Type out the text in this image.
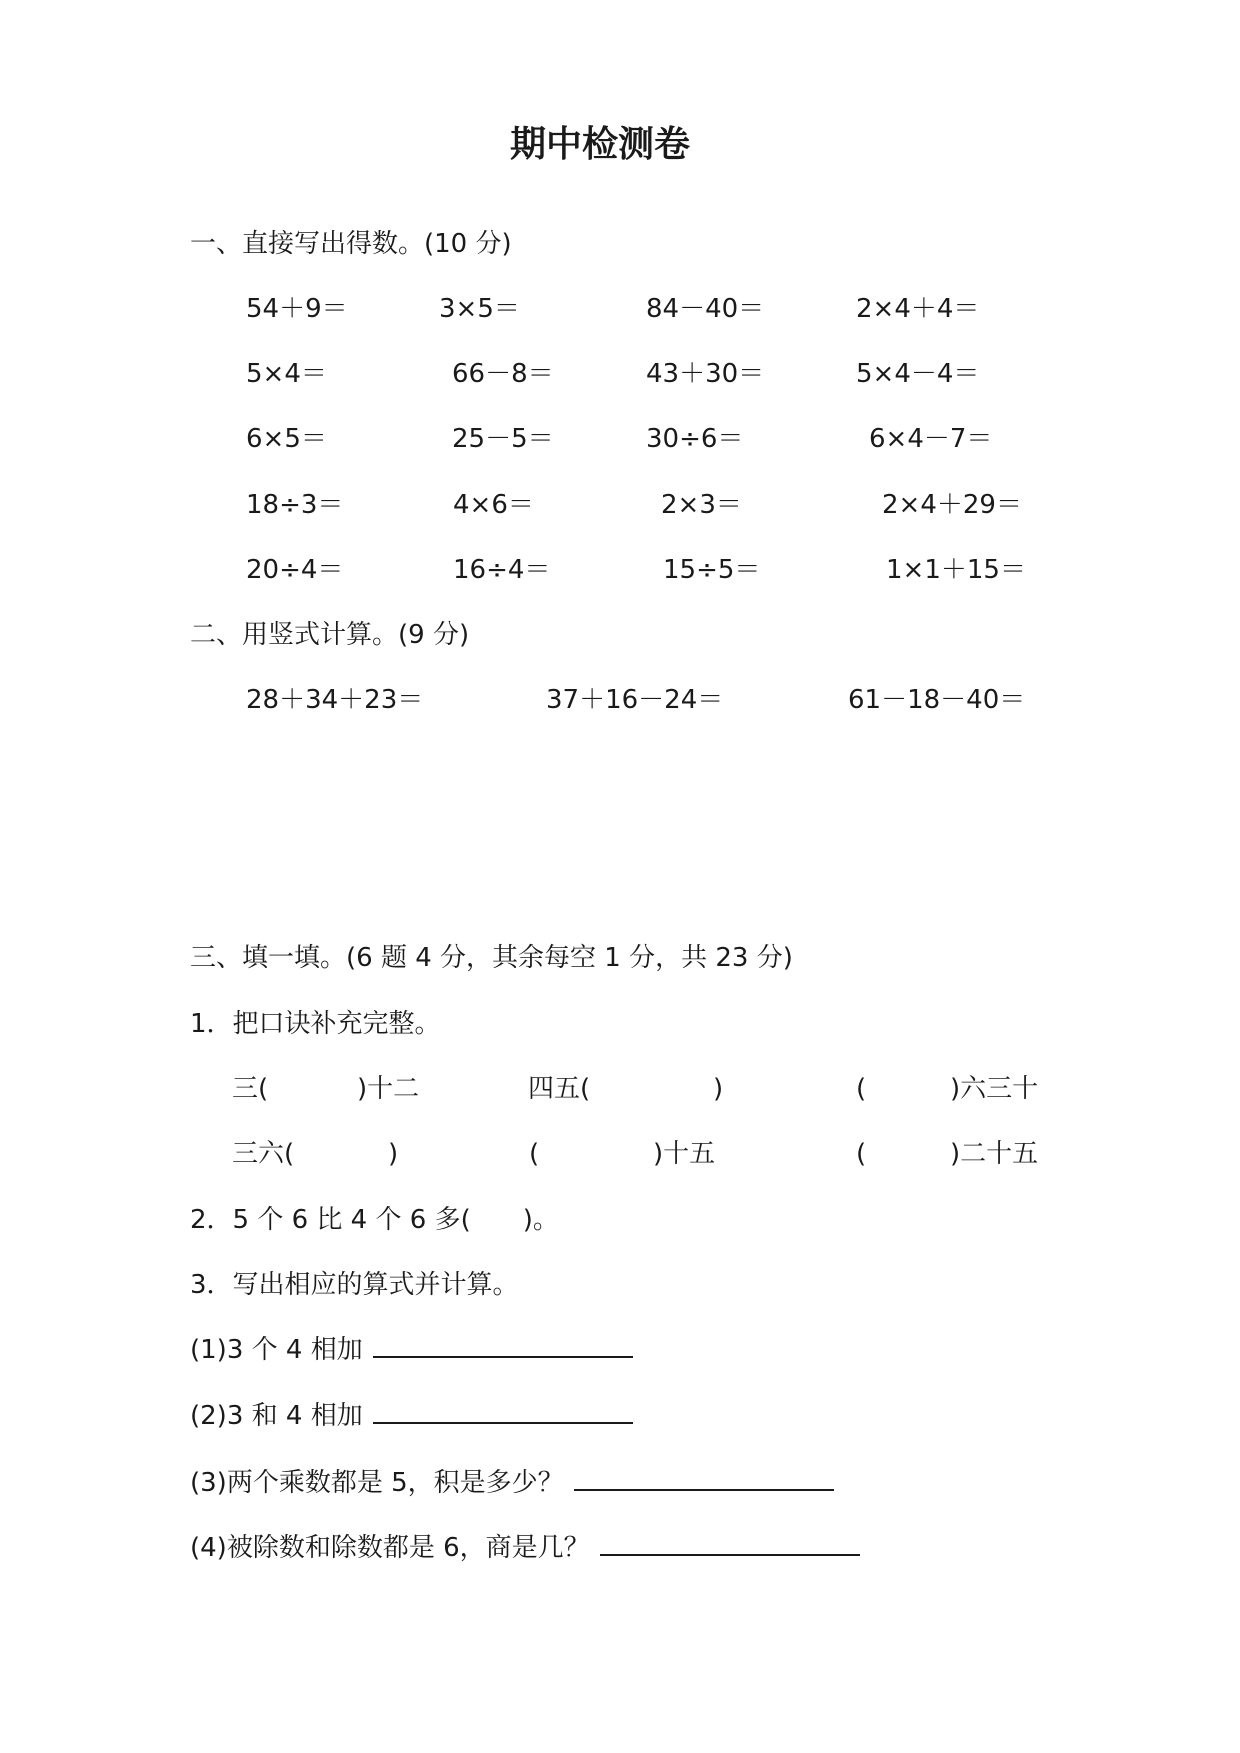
期中检测卷
一、直接写出得数。(10 分)
54＋9＝	3×5＝	84－40＝	2×4＋4＝
5×4＝	66－8＝	43＋30＝	5×4－4＝
6×5＝	25－5＝	30÷6＝	6×4－7＝
18÷3＝	4×6＝	2×3＝	2×4＋29＝
20÷4＝	16÷4＝	15÷5＝	1×1＋15＝
二、用竖式计算。(9 分)
28＋34＋23＝	37＋16－24＝	61－18－40＝
三、填一填。(6 题 4 分，其余每空 1 分，共 23 分)
1．把口诀补充完整。
三(	)十二	四五(	)	(	)六三十
三六(	)	(	)十五	(	)二十五
2．5 个 6 比 4 个 6 多(　　)。
3．写出相应的算式并计算。
(1)3 个 4 相加
(2)3 和 4 相加
(3)两个乘数都是 5，积是多少？
(4)被除数和除数都是 6，商是几？
